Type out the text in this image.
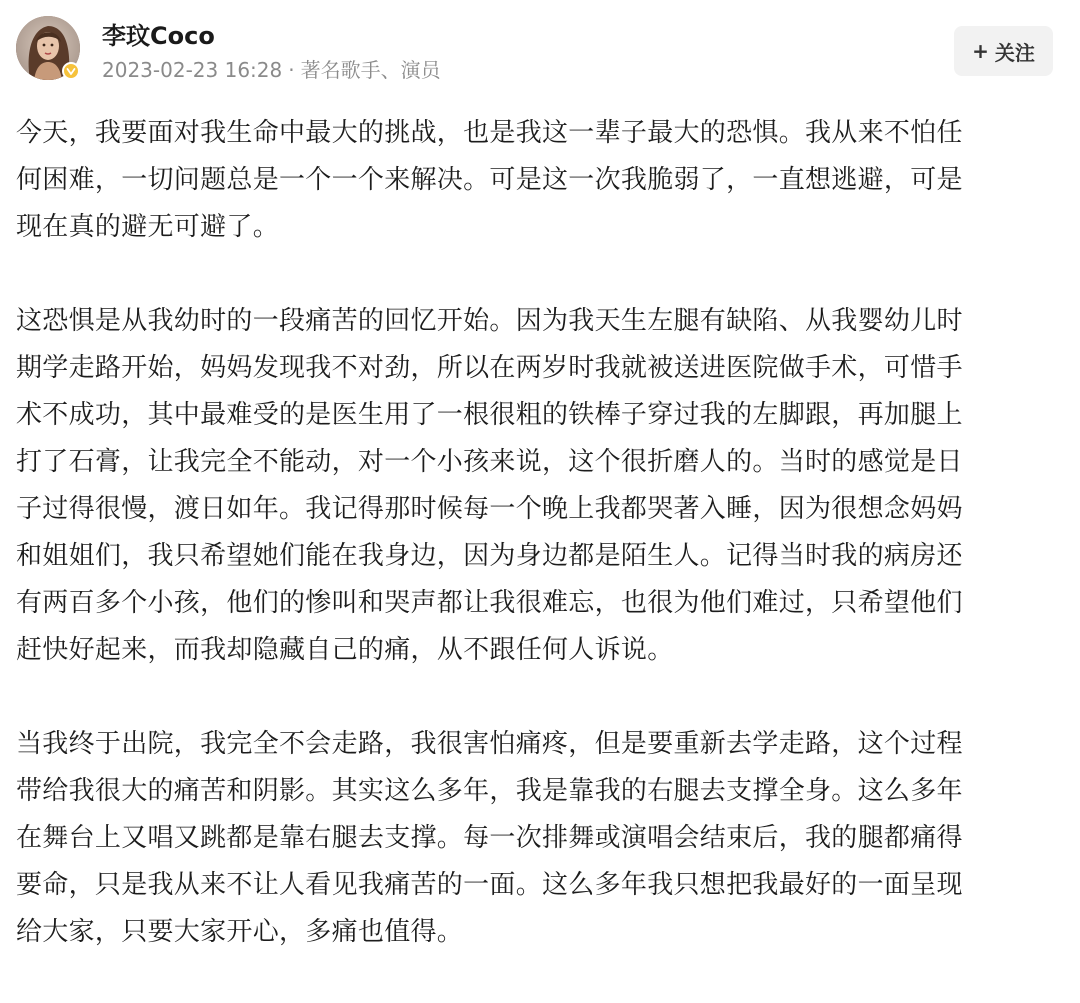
李玟Coco
2023-02-23 16:28 · 著名歌手、演员
+ 关注
今天，我要面对我生命中最大的挑战，也是我这一辈子最大的恐惧。我从来不怕任
何困难，一切问题总是一个一个来解决。可是这一次我脆弱了，一直想逃避，可是
现在真的避无可避了。
这恐惧是从我幼时的一段痛苦的回忆开始。因为我天生左腿有缺陷、从我婴幼儿时
期学走路开始，妈妈发现我不对劲，所以在两岁时我就被送进医院做手术，可惜手
术不成功，其中最难受的是医生用了一根很粗的铁棒子穿过我的左脚跟，再加腿上
打了石膏，让我完全不能动，对一个小孩来说，这个很折磨人的。当时的感觉是日
子过得很慢，渡日如年。我记得那时候每一个晚上我都哭著入睡，因为很想念妈妈
和姐姐们，我只希望她们能在我身边，因为身边都是陌生人。记得当时我的病房还
有两百多个小孩，他们的惨叫和哭声都让我很难忘，也很为他们难过，只希望他们
赶快好起来，而我却隐藏自己的痛，从不跟任何人诉说。
当我终于出院，我完全不会走路，我很害怕痛疼，但是要重新去学走路，这个过程
带给我很大的痛苦和阴影。其实这么多年，我是靠我的右腿去支撑全身。这么多年
在舞台上又唱又跳都是靠右腿去支撑。每一次排舞或演唱会结束后，我的腿都痛得
要命，只是我从来不让人看见我痛苦的一面。这么多年我只想把我最好的一面呈现
给大家，只要大家开心，多痛也值得。
